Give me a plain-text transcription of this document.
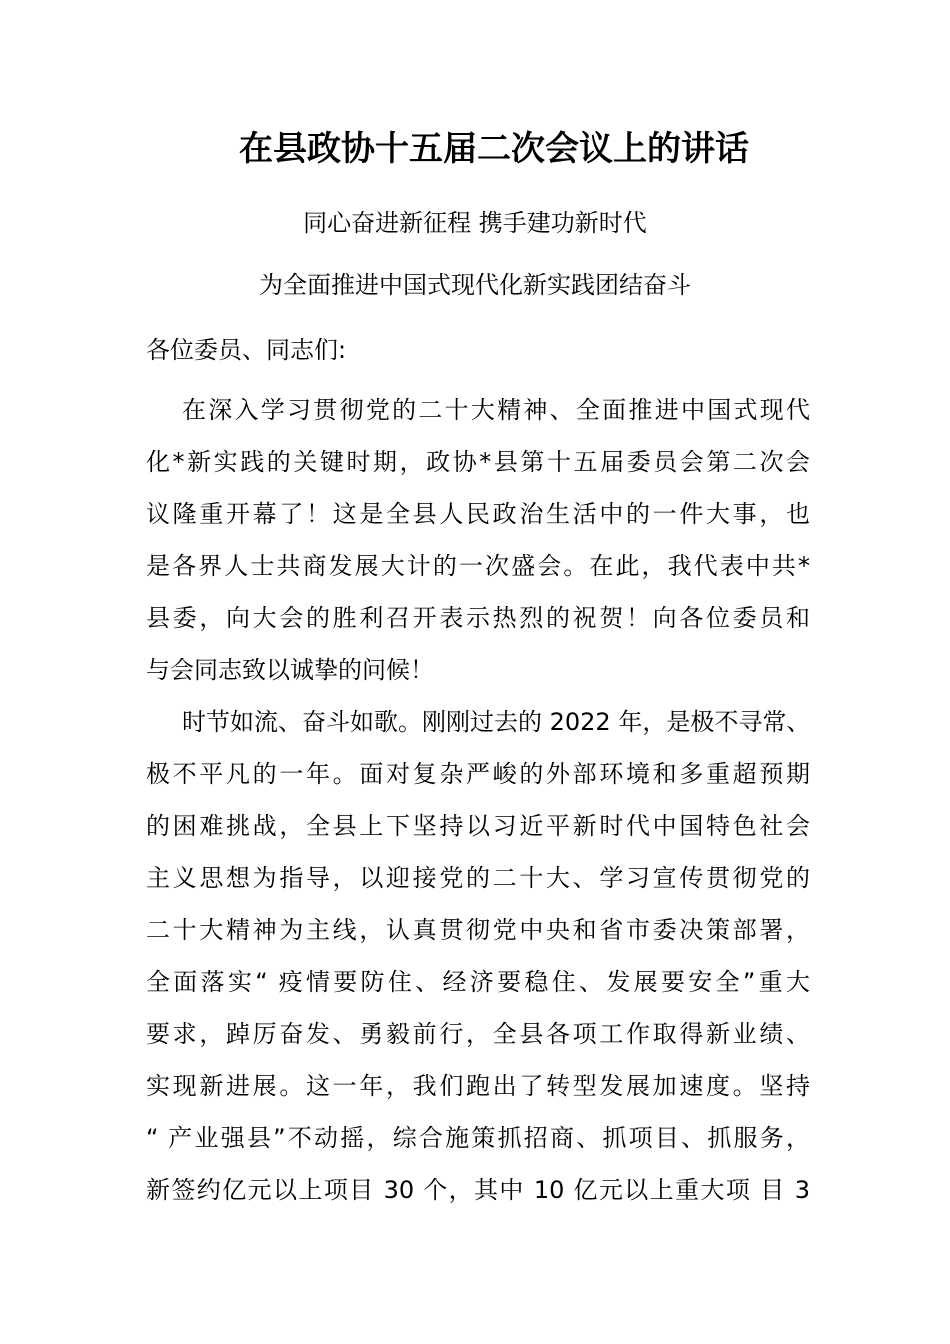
在县政协十五届二次会议上的讲话
同心奋进新征程 携手建功新时代
为全面推进中国式现代化新实践团结奋斗
各位委员、同志们:
在深入学习贯彻党的二十大精神、全面推进中国式现代
化*新实践的关键时期，政协*县第十五届委员会第二次会
议隆重开幕了！这是全县人民政治生活中的一件大事，也
是各界人士共商发展大计的一次盛会。在此，我代表中共*
县委，向大会的胜利召开表示热烈的祝贺！向各位委员和
与会同志致以诚挚的问候！
时节如流、奋斗如歌。刚刚过去的 2022 年，是极不寻常、
极不平凡的一年。面对复杂严峻的外部环境和多重超预期
的困难挑战，全县上下坚持以习近平新时代中国特色社会
主义思想为指导，以迎接党的二十大、学习宣传贯彻党的
二十大精神为主线，认真贯彻党中央和省市委决策部署，
全面落实“ 疫情要防住、经济要稳住、发展要安全”重大
要求，踔厉奋发、勇毅前行，全县各项工作取得新业绩、
实现新进展。这一年，我们跑出了转型发展加速度。坚持
“ 产业强县”不动摇，综合施策抓招商、抓项目、抓服务，
新签约亿元以上项目 30 个，其中 10 亿元以上重大项 目 3
